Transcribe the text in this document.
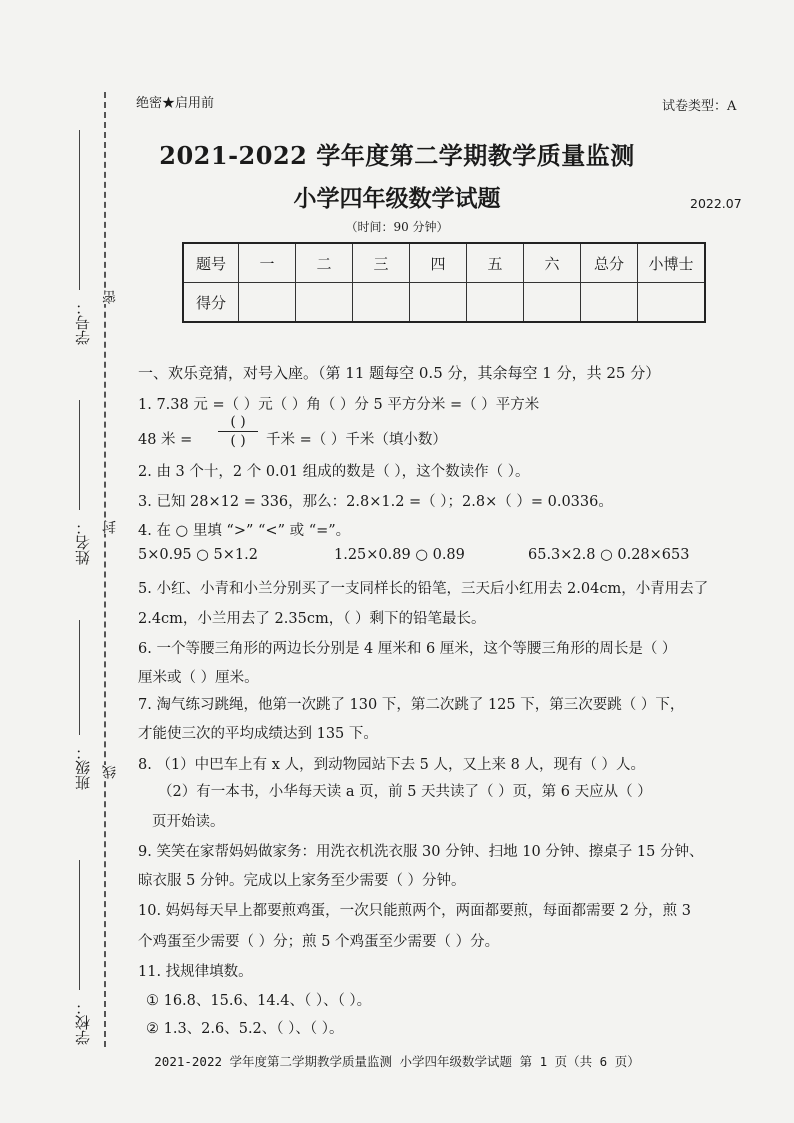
学号：
姓名：
班级：
学校：
密
封
线
绝密★启用前	试卷类型：A
2021-2022 学年度第二学期教学质量监测
小学四年级数学试题	2022.07
（时间：90 分钟）
题号	一	二	三	四	五	六	总分	小博士
得分								
一、欢乐竞猜，对号入座。（第 11 题每空 0.5 分，其余每空 1 分，共 25 分）
1. 7.38 元 =（ ）元（ ）角（ ）分 5 平方分米 =（ ）平方米
48 米 =
( )
( )	千米 =（ ）千米（填小数）
2. 由 3 个十，2 个 0.01 组成的数是（ ），这个数读作（ ）。
3. 已知 28×12 = 336，那么：2.8×1.2 =（ ）；2.8×（ ）= 0.0336。
4. 在 ○ 里填 “>” “<” 或 “=”。
5×0.95 ○ 5×1.2	1.25×0.89 ○ 0.89	65.3×2.8 ○ 0.28×653
5. 小红、小青和小兰分别买了一支同样长的铅笔，三天后小红用去 2.04cm，小青用去了
2.4cm，小兰用去了 2.35cm，（ ）剩下的铅笔最长。
6. 一个等腰三角形的两边长分别是 4 厘米和 6 厘米，这个等腰三角形的周长是（ ）
厘米或（ ）厘米。
7. 淘气练习跳绳，他第一次跳了 130 下，第二次跳了 125 下，第三次要跳（ ）下，
才能使三次的平均成绩达到 135 下。
8. （1）中巴车上有 x 人，到动物园站下去 5 人，又上来 8 人，现有（ ）人。
（2）有一本书，小华每天读 a 页，前 5 天共读了（ ）页，第 6 天应从（ ）
页开始读。
9. 笑笑在家帮妈妈做家务：用洗衣机洗衣服 30 分钟、扫地 10 分钟、擦桌子 15 分钟、
晾衣服 5 分钟。完成以上家务至少需要（ ）分钟。
10. 妈妈每天早上都要煎鸡蛋，一次只能煎两个，两面都要煎，每面都需要 2 分，煎 3
个鸡蛋至少需要（ ）分；煎 5 个鸡蛋至少需要（ ）分。
11. 找规律填数。
① 16.8、15.6、14.4、（ ）、（ ）。
② 1.3、2.6、5.2、（ ）、（ ）。
2021-2022 学年度第二学期教学质量监测 小学四年级数学试题 第 1 页（共 6 页）
